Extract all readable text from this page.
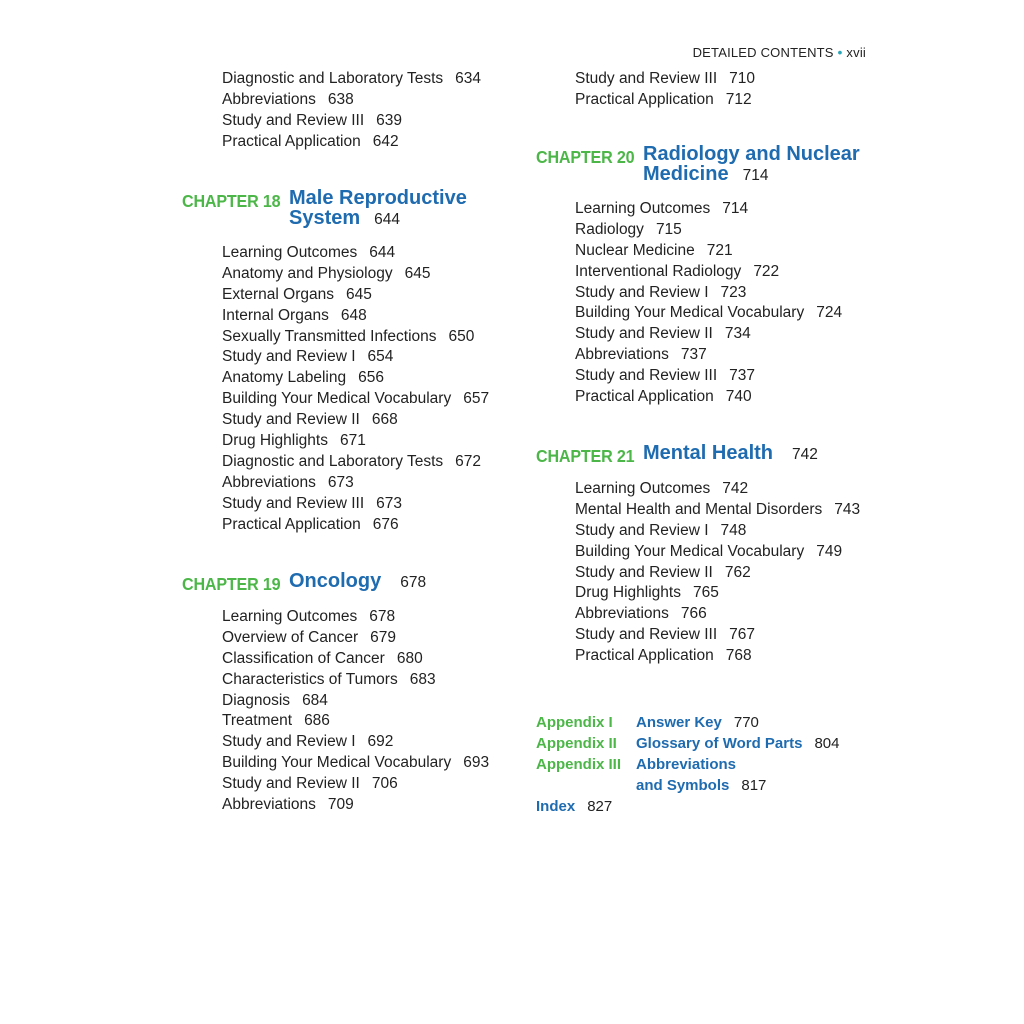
DETAILED CONTENTS • xvii
Diagnostic and Laboratory Tests 634
Abbreviations 638
Study and Review III 639
Practical Application 642
CHAPTER 18 Male Reproductive
System 644
Learning Outcomes 644
Anatomy and Physiology 645
External Organs 645
Internal Organs 648
Sexually Transmitted Infections 650
Study and Review I 654
Anatomy Labeling 656
Building Your Medical Vocabulary 657
Study and Review II 668
Drug Highlights 671
Diagnostic and Laboratory Tests 672
Abbreviations 673
Study and Review III 673
Practical Application 676
CHAPTER 19 Oncology 678
Learning Outcomes 678
Overview of Cancer 679
Classification of Cancer 680
Characteristics of Tumors 683
Diagnosis 684
Treatment 686
Study and Review I 692
Building Your Medical Vocabulary 693
Study and Review II 706
Abbreviations 709
Study and Review III 710
Practical Application 712
CHAPTER 20 Radiology and Nuclear
Medicine 714
Learning Outcomes 714
Radiology 715
Nuclear Medicine 721
Interventional Radiology 722
Study and Review I 723
Building Your Medical Vocabulary 724
Study and Review II 734
Abbreviations 737
Study and Review III 737
Practical Application 740
CHAPTER 21 Mental Health 742
Learning Outcomes 742
Mental Health and Mental Disorders 743
Study and Review I 748
Building Your Medical Vocabulary 749
Study and Review II 762
Drug Highlights 765
Abbreviations 766
Study and Review III 767
Practical Application 768
Appendix I Answer Key 770
Appendix II Glossary of Word Parts 804
Appendix III Abbreviations
and Symbols 817
Index 827
